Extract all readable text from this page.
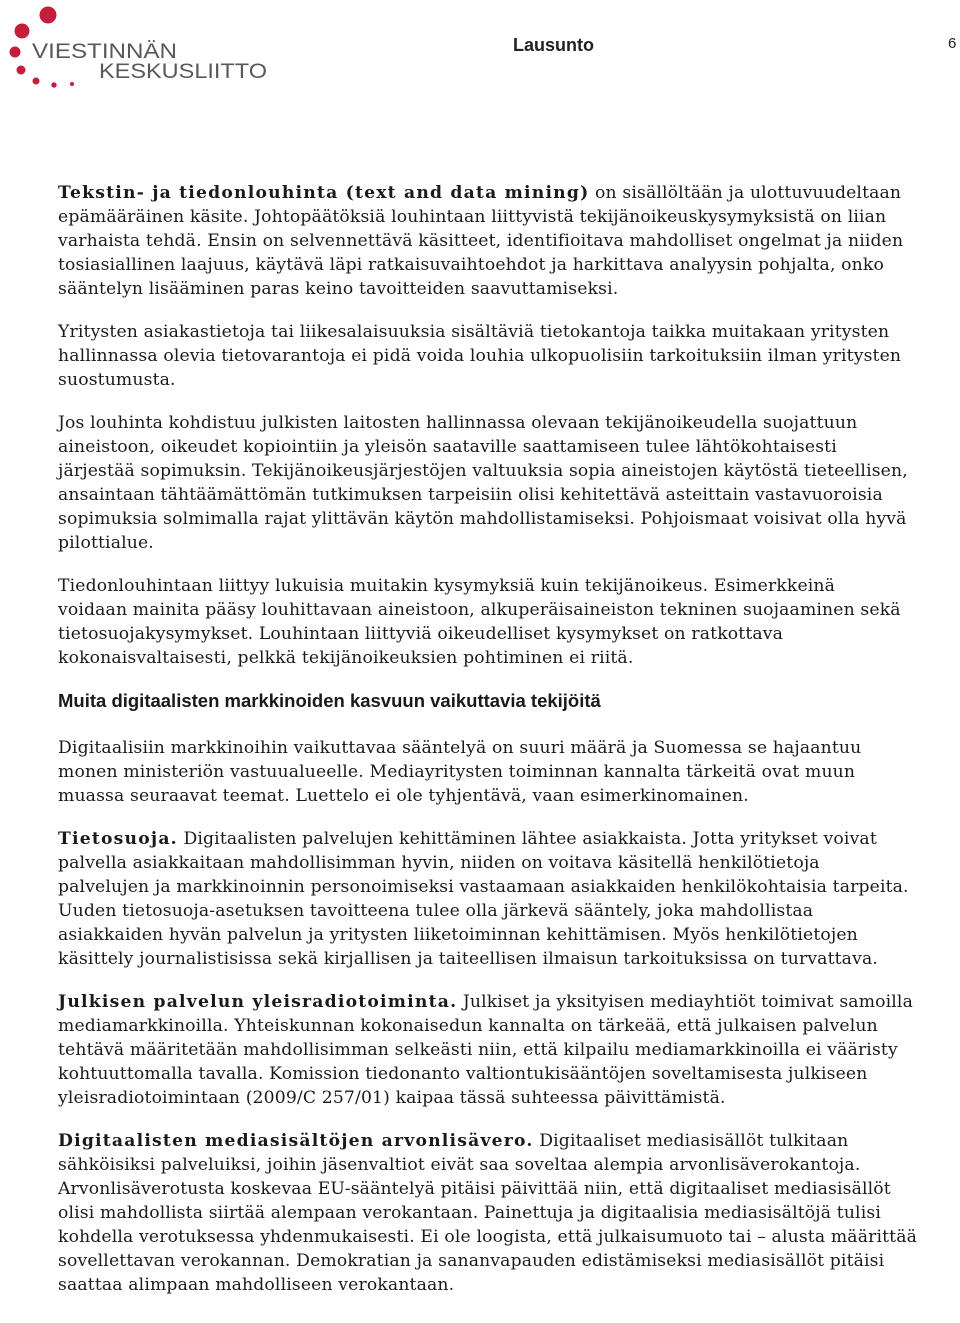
VIESTINNÄN
KESKUSLIITTO
Lausunto	6

Tekstin- ja tiedonlouhinta (text and data mining) on sisällöltään ja ulottuvuudeltaan
epämääräinen käsite. Johtopäätöksiä louhintaan liittyvistä tekijänoikeuskysymyksistä on liian
varhaista tehdä. Ensin on selvennettävä käsitteet, identifioitava mahdolliset ongelmat ja niiden
tosiasiallinen laajuus, käytävä läpi ratkaisuvaihtoehdot ja harkittava analyysin pohjalta, onko
sääntelyn lisääminen paras keino tavoitteiden saavuttamiseksi.

Yritysten asiakastietoja tai liikesalaisuuksia sisältäviä tietokantoja taikka muitakaan yritysten
hallinnassa olevia tietovarantoja ei pidä voida louhia ulkopuolisiin tarkoituksiin ilman yritysten
suostumusta.

Jos louhinta kohdistuu julkisten laitosten hallinnassa olevaan tekijänoikeudella suojattuun
aineistoon, oikeudet kopiointiin ja yleisön saataville saattamiseen tulee lähtökohtaisesti
järjestää sopimuksin. Tekijänoikeusjärjestöjen valtuuksia sopia aineistojen käytöstä tieteellisen,
ansaintaan tähtäämättömän tutkimuksen tarpeisiin olisi kehitettävä asteittain vastavuoroisia
sopimuksia solmimalla rajat ylittävän käytön mahdollistamiseksi. Pohjoismaat voisivat olla hyvä
pilottialue.

Tiedonlouhintaan liittyy lukuisia muitakin kysymyksiä kuin tekijänoikeus. Esimerkkeinä
voidaan mainita pääsy louhittavaan aineistoon, alkuperäisaineiston tekninen suojaaminen sekä
tietosuojakysymykset. Louhintaan liittyviä oikeudelliset kysymykset on ratkottava
kokonaisvaltaisesti, pelkkä tekijänoikeuksien pohtiminen ei riitä.

Muita digitaalisten markkinoiden kasvuun vaikuttavia tekijöitä

Digitaalisiin markkinoihin vaikuttavaa sääntelyä on suuri määrä ja Suomessa se hajaantuu
monen ministeriön vastuualueelle. Mediayritysten toiminnan kannalta tärkeitä ovat muun
muassa seuraavat teemat. Luettelo ei ole tyhjentävä, vaan esimerkinomainen.

Tietosuoja. Digitaalisten palvelujen kehittäminen lähtee asiakkaista. Jotta yritykset voivat
palvella asiakkaitaan mahdollisimman hyvin, niiden on voitava käsitellä henkilötietoja
palvelujen ja markkinoinnin personoimiseksi vastaamaan asiakkaiden henkilökohtaisia tarpeita.
Uuden tietosuoja-asetuksen tavoitteena tulee olla järkevä sääntely, joka mahdollistaa
asiakkaiden hyvän palvelun ja yritysten liiketoiminnan kehittämisen. Myös henkilötietojen
käsittely journalistisissa sekä kirjallisen ja taiteellisen ilmaisun tarkoituksissa on turvattava.

Julkisen palvelun yleisradiotoiminta. Julkiset ja yksityisen mediayhtiöt toimivat samoilla
mediamarkkinoilla. Yhteiskunnan kokonaisedun kannalta on tärkeää, että julkaisen palvelun
tehtävä määritetään mahdollisimman selkeästi niin, että kilpailu mediamarkkinoilla ei vääristy
kohtuuttomalla tavalla. Komission tiedonanto valtiontukisääntöjen soveltamisesta julkiseen
yleisradiotoimintaan (2009/C 257/01) kaipaa tässä suhteessa päivittämistä.

Digitaalisten mediasisältöjen arvonlisävero. Digitaaliset mediasisällöt tulkitaan
sähköisiksi palveluiksi, joihin jäsenvaltiot eivät saa soveltaa alempia arvonlisäverokantoja.
Arvonlisäverotusta koskevaa EU-sääntelyä pitäisi päivittää niin, että digitaaliset mediasisällöt
olisi mahdollista siirtää alempaan verokantaan. Painettuja ja digitaalisia mediasisältöjä tulisi
kohdella verotuksessa yhdenmukaisesti. Ei ole loogista, että julkaisumuoto tai – alusta määrittää
sovellettavan verokannan. Demokratian ja sananvapauden edistämiseksi mediasisällöt pitäisi
saattaa alimpaan mahdolliseen verokantaan.
